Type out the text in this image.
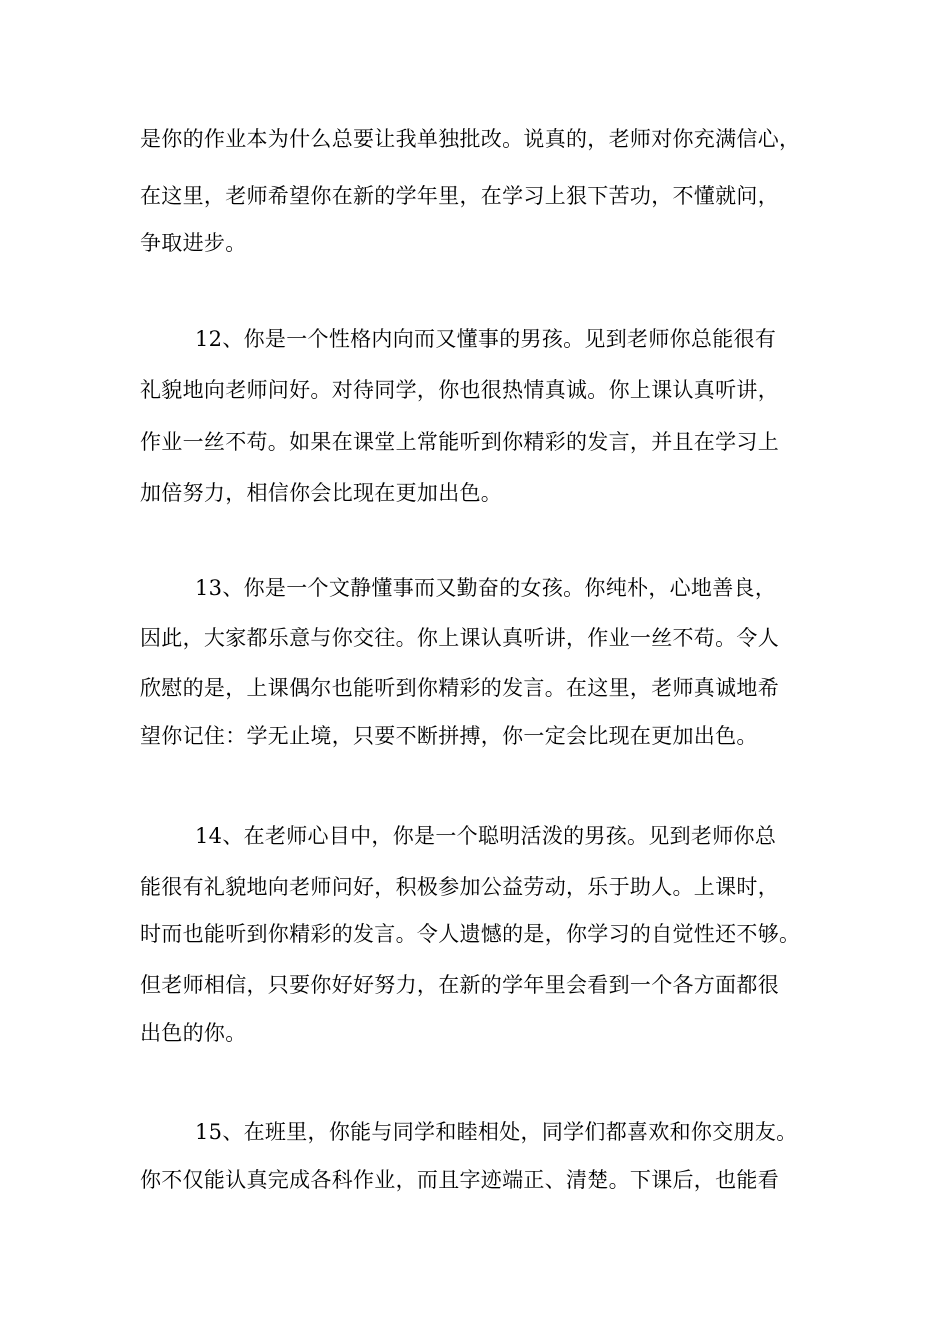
是你的作业本为什么总要让我单独批改。说真的，老师对你充满信心，
在这里，老师希望你在新的学年里，在学习上狠下苦功，不懂就问，
争取进步。
12、你是一个性格内向而又懂事的男孩。见到老师你总能很有
礼貌地向老师问好。对待同学，你也很热情真诚。你上课认真听讲，
作业一丝不苟。如果在课堂上常能听到你精彩的发言，并且在学习上
加倍努力，相信你会比现在更加出色。
13、你是一个文静懂事而又勤奋的女孩。你纯朴，心地善良，
因此，大家都乐意与你交往。你上课认真听讲，作业一丝不苟。令人
欣慰的是，上课偶尔也能听到你精彩的发言。在这里，老师真诚地希
望你记住：学无止境，只要不断拼搏，你一定会比现在更加出色。
14、在老师心目中，你是一个聪明活泼的男孩。见到老师你总
能很有礼貌地向老师问好，积极参加公益劳动，乐于助人。上课时，
时而也能听到你精彩的发言。令人遗憾的是，你学习的自觉性还不够。
但老师相信，只要你好好努力，在新的学年里会看到一个各方面都很
出色的你。
15、在班里，你能与同学和睦相处，同学们都喜欢和你交朋友。
你不仅能认真完成各科作业，而且字迹端正、清楚。下课后，也能看
